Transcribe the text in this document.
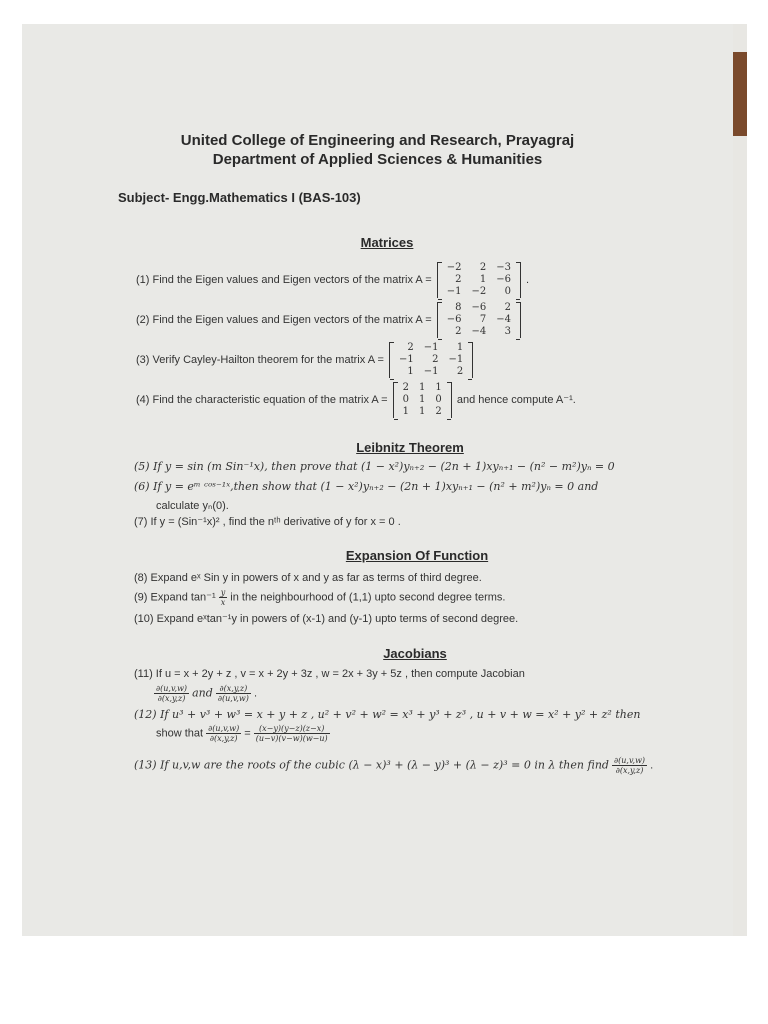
United College of Engineering and Research, Prayagraj
Department of Applied Sciences & Humanities
Subject- Engg.Mathematics I (BAS-103)
Matrices
(1) Find the Eigen values and Eigen vectors of the matrix A =
−2	2	−3
2	1	−6
−1	−2	0
.
(2) Find the Eigen values and Eigen vectors of the matrix A =
8	−6	2
−6	7	−4
2	−4	3
(3) Verify Cayley-Hailton theorem for the matrix A =
2	−1	1
−1	2	−1
1	−1	2
(4) Find the characteristic equation of the matrix A =
2	1	1
0	1	0
1	1	2
and hence compute A⁻¹.
Leibnitz Theorem
(5) If y = sin (m Sin⁻¹x), then prove that (1 − x²)yₙ₊₂ − (2n + 1)xyₙ₊₁ − (n² − m²)yₙ = 0
(6) If y = eᵐ ᶜᵒˢ⁻¹ˣ,then show that (1 − x²)yₙ₊₂ − (2n + 1)xyₙ₊₁ − (n² + m²)yₙ = 0 and
calculate yₙ(0).
(7) If y = (Sin⁻¹x)² , find the nᵗʰ derivative of y for x = 0 .
Expansion Of Function
(8) Expand eˣ Sin y in powers of x and y as far as terms of third degree.
(9) Expand $\tan^{-1} \frac{y}{x}$ in the neighbourhood of (1,1) upto second degree terms.
(10) Expand eˣtan⁻¹y in powers of (x-1) and (y-1) upto terms of second degree.
Jacobians
(11) If u = x + 2y + z , v = x + 2y + 3z , w = 2x + 3y + 5z , then compute Jacobian
$\frac{\partial(u,v,w)}{\partial(x,y,z)}$ and $\frac{\partial(x,y,z)}{\partial(u,v,w)}$ .
(12) If u³ + v³ + w³ = x + y + z , u² + v² + w² = x³ + y³ + z³ , u + v + w = x² + y² + z² then
show that $\frac{\partial(u,v,w)}{\partial(x,y,z)} = \frac{(x-y)(y-z)(z-x)}{(u-v)(v-w)(w-u)}$
(13) If u,v,w are the roots of the cubic (λ − x)³ + (λ − y)³ + (λ − z)³ = 0 in λ then find $\frac{\partial(u,v,w)}{\partial(x,y,z)}$ .
